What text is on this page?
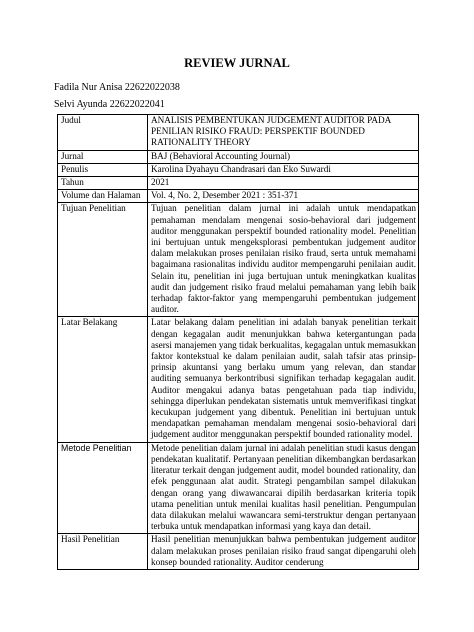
REVIEW JURNAL
Fadila Nur Anisa 22622022038
Selvi Ayunda 22622022041
Judul	ANALISIS PEMBENTUKAN JUDGEMENT AUDITOR PADA PENILIAN RISIKO FRAUD: PERSPEKTIF BOUNDED RATIONALITY THEORY
Jurnal	BAJ (Behavioral Accounting Journal)
Penulis	Karolina Dyahayu Chandrasari dan Eko Suwardi
Tahun	2021
Volume dan Halaman	Vol. 4, No. 2, Desember 2021 : 351-371
Tujuan Penelitian	Tujuan penelitian dalam jurnal ini adalah untuk mendapatkan pemahaman mendalam mengenai sosio-behavioral dari judgement auditor menggunakan perspektif bounded rationality model. Penelitian ini bertujuan untuk mengeksplorasi pembentukan judgement auditor dalam melakukan proses penilaian risiko fraud, serta untuk memahami bagaimana rasionalitas individu auditor mempengaruhi penilaian audit. Selain itu, penelitian ini juga bertujuan untuk meningkatkan kualitas audit dan judgement risiko fraud melalui pemahaman yang lebih baik terhadap faktor-faktor yang mempengaruhi pembentukan judgement auditor.
Latar Belakang	Latar belakang dalam penelitian ini adalah banyak penelitian terkait dengan kegagalan audit menunjukkan bahwa ketergantungan pada asersi manajemen yang tidak berkualitas, kegagalan untuk memasukkan faktor kontekstual ke dalam penilaian audit, salah tafsir atas prinsip-prinsip akuntansi yang berlaku umum yang relevan, dan standar auditing semuanya berkontribusi signifikan terhadap kegagalan audit. Auditor mengakui adanya batas pengetahuan pada tiap individu, sehingga diperlukan pendekatan sistematis untuk memverifikasi tingkat kecukupan judgement yang dibentuk. Penelitian ini bertujuan untuk mendapatkan pemahaman mendalam mengenai sosio-behavioral dari judgement auditor menggunakan perspektif bounded rationality model.
Metode Penelitian	Metode penelitian dalam jurnal ini adalah penelitian studi kasus dengan pendekatan kualitatif. Pertanyaan penelitian dikembangkan berdasarkan literatur terkait dengan judgement audit, model bounded rationality, dan efek penggunaan alat audit. Strategi pengambilan sampel dilakukan dengan orang yang diwawancarai dipilih berdasarkan kriteria topik utama penelitian untuk menilai kualitas hasil penelitian. Pengumpulan data dilakukan melalui wawancara semi-terstruktur dengan pertanyaan terbuka untuk mendapatkan informasi yang kaya dan detail.
Hasil Penelitian	Hasil penelitian menunjukkan bahwa pembentukan judgement auditor dalam melakukan proses penilaian risiko fraud sangat dipengaruhi oleh konsep bounded rationality. Auditor cenderung
